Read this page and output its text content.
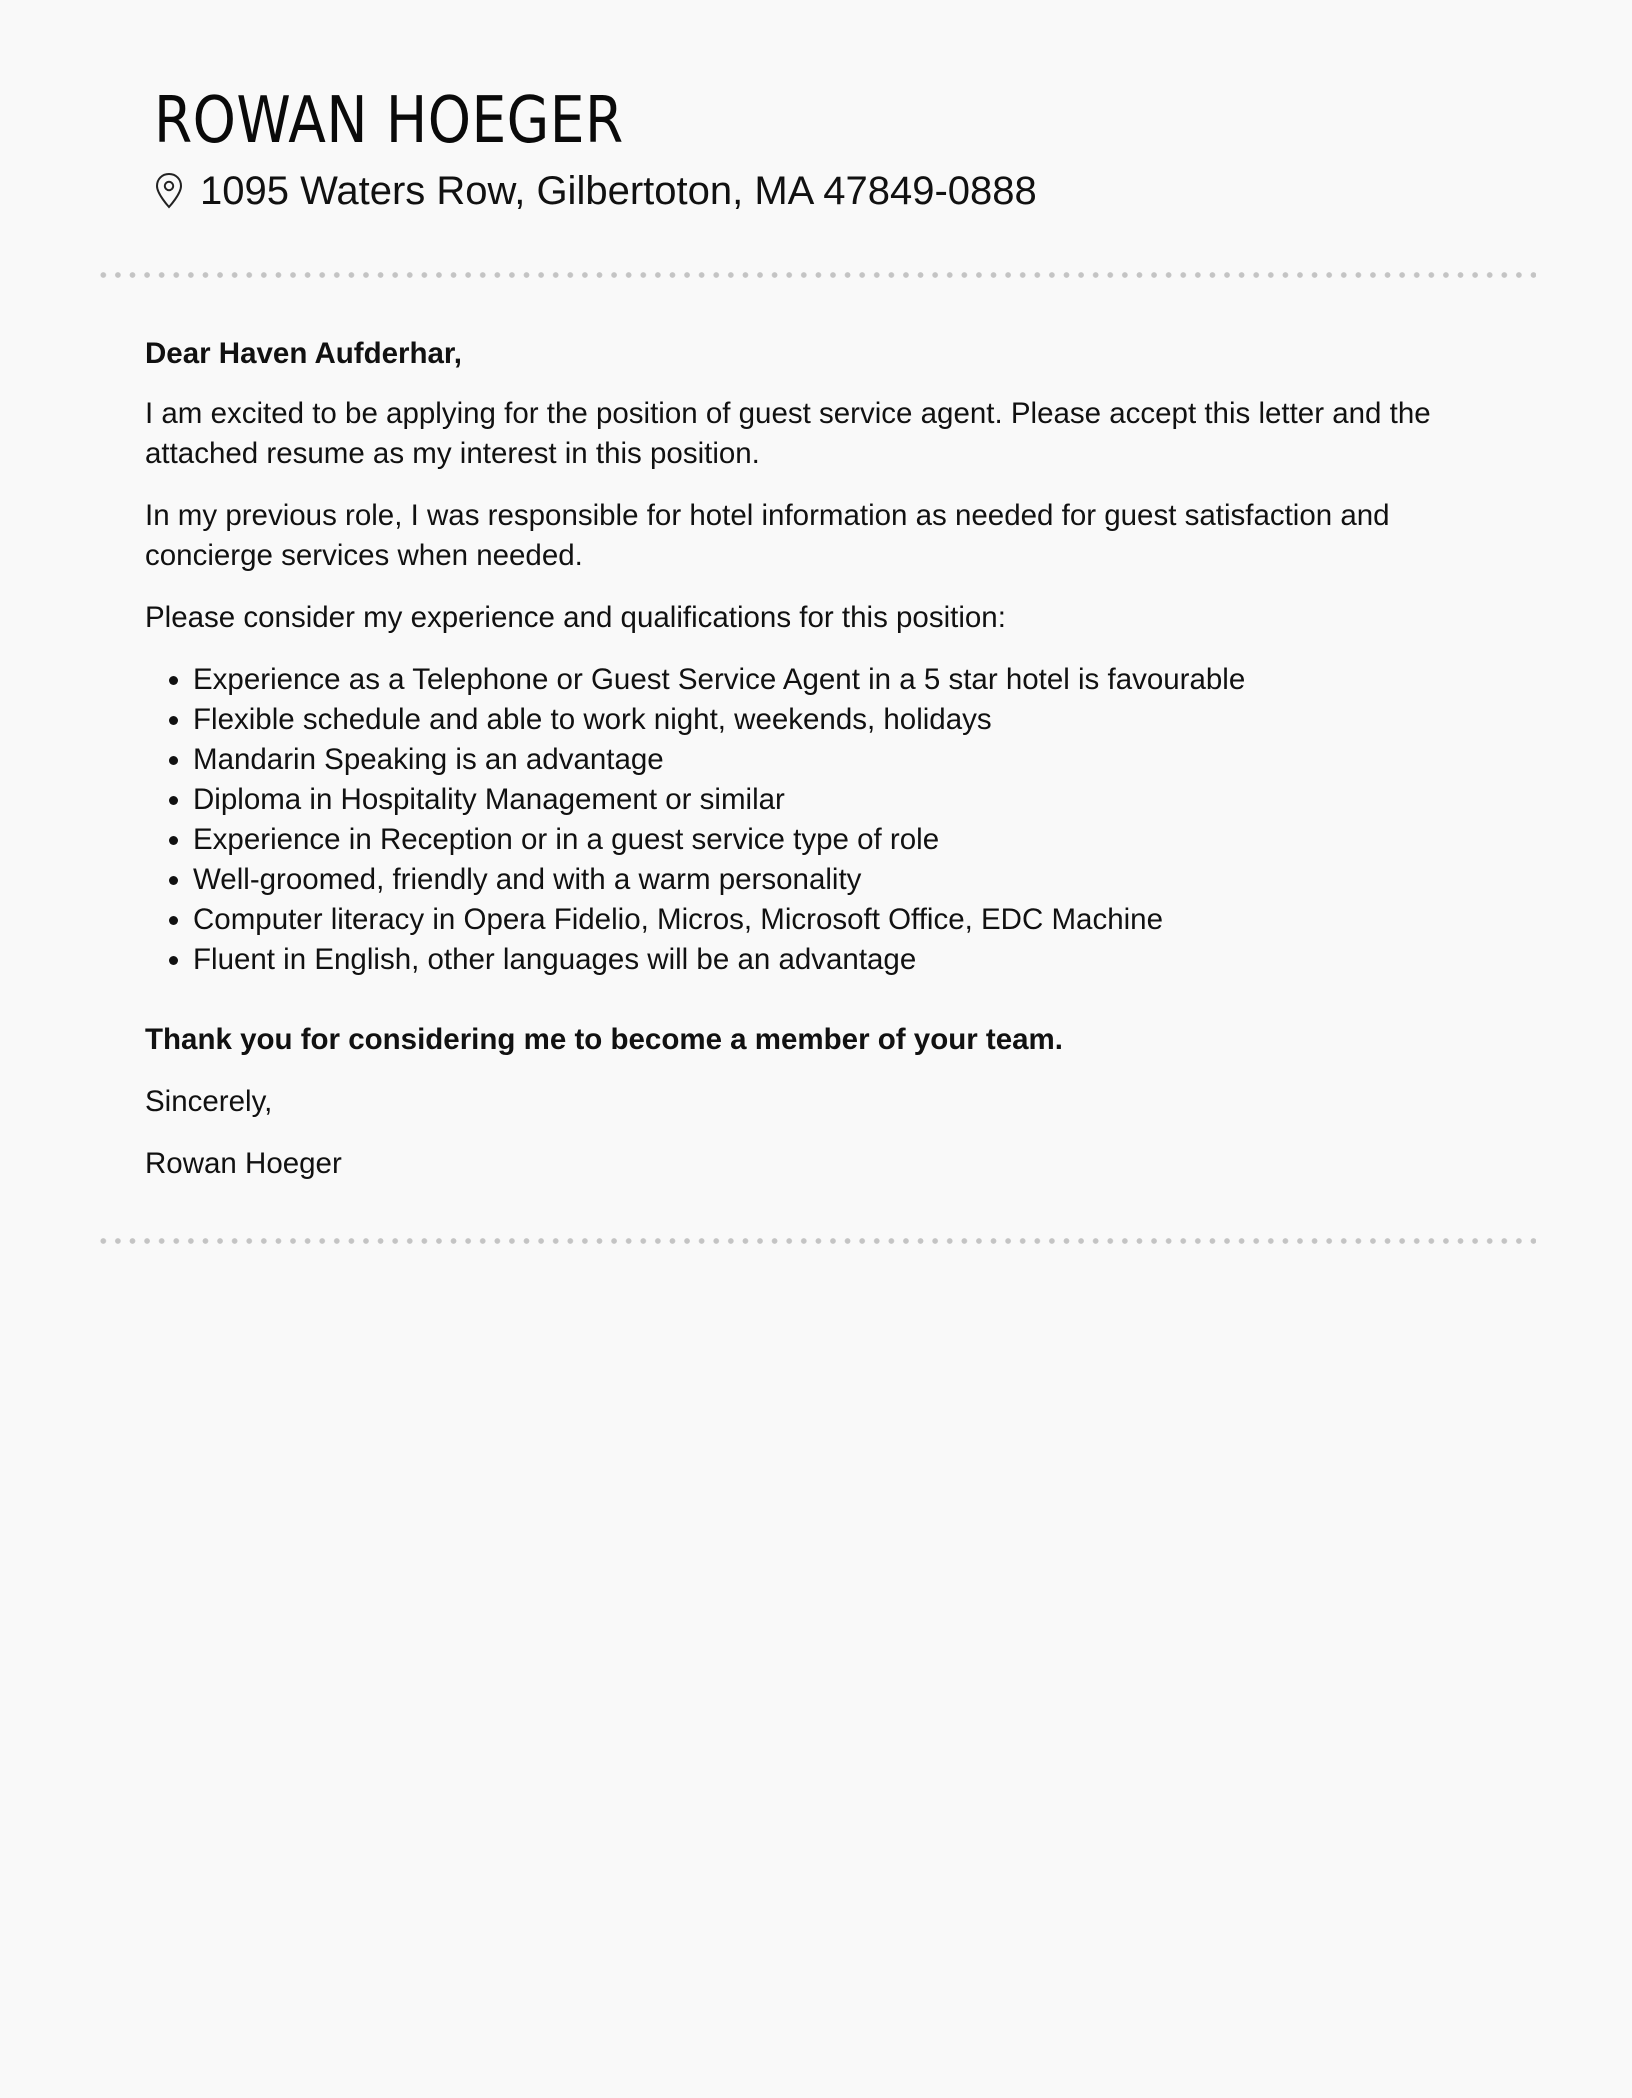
ROWAN HOEGER
1095 Waters Row, Gilbertoton, MA 47849-0888

Dear Haven Aufderhar,

I am excited to be applying for the position of guest service agent. Please accept this letter and the attached resume as my interest in this position.

In my previous role, I was responsible for hotel information as needed for guest satisfaction and concierge services when needed.

Please consider my experience and qualifications for this position:

• Experience as a Telephone or Guest Service Agent in a 5 star hotel is favourable
• Flexible schedule and able to work night, weekends, holidays
• Mandarin Speaking is an advantage
• Diploma in Hospitality Management or similar
• Experience in Reception or in a guest service type of role
• Well-groomed, friendly and with a warm personality
• Computer literacy in Opera Fidelio, Micros, Microsoft Office, EDC Machine
• Fluent in English, other languages will be an advantage

Thank you for considering me to become a member of your team.

Sincerely,

Rowan Hoeger
